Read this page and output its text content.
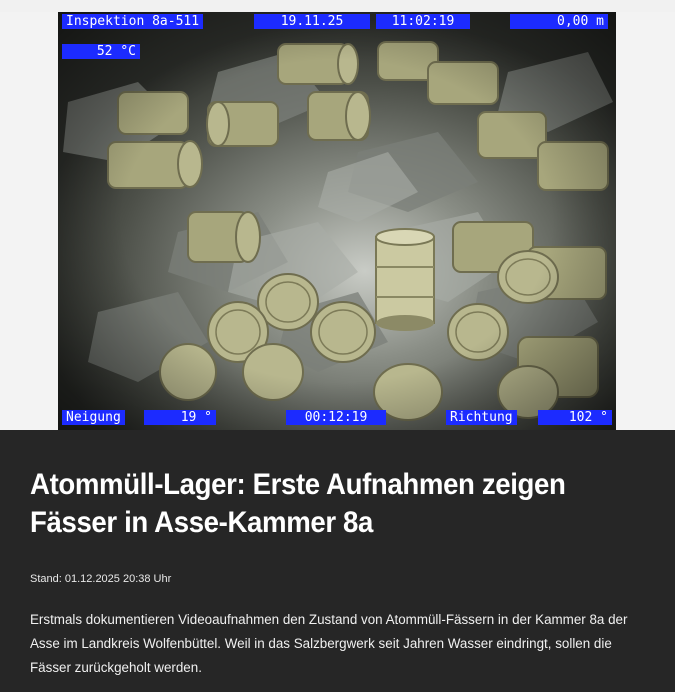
Inspektion 8a-511	19.11.25	11:02:19	0,00 m
52 °C
Neigung	19 °	00:12:19	Richtung	102 °
Atommüll-Lager: Erste Aufnahmen zeigen Fässer in Asse-Kammer 8a
Stand: 01.12.2025 20:38 Uhr

Erstmals dokumentieren Videoaufnahmen den Zustand von Atommüll-Fässern in der Kammer 8a der Asse im Landkreis Wolfenbüttel. Weil in das Salzbergwerk seit Jahren Wasser eindringt, sollen die Fässer zurückgeholt werden.
